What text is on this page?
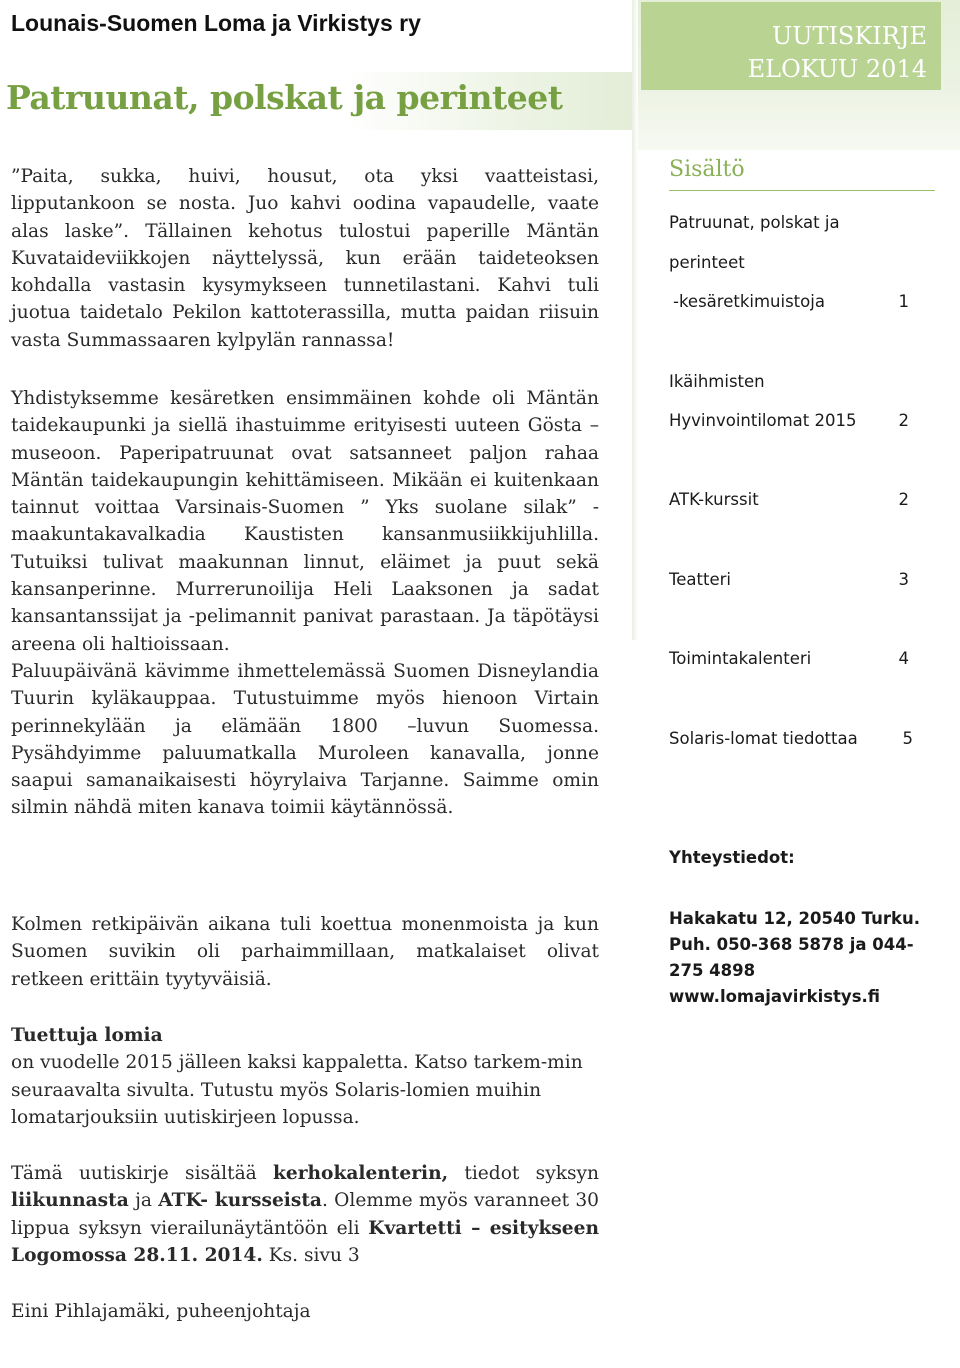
Lounais-Suomen Loma ja Virkistys ry
Patruunat, polskat ja perinteet
UUTISKIRJE
ELOKUU 2014
Sisältö
Patruunat, polskat ja
perinteet
-kesäretkimuistoja	1
Ikäihmisten
Hyvinvointilomat 2015	2
ATK-kurssit	2
Teatteri	3
Toimintakalenteri	4
Solaris-lomat tiedottaa	5
Yhteystiedot:
Hakakatu 12, 20540 Turku.
Puh. 050-368 5878 ja 044-
275 4898
www.lomajavirkistys.fi

”Paita, sukka, huivi, housut, ota yksi vaatteistasi, lipputankoon se nosta. Juo kahvi oodina vapaudelle, vaate alas laske”. Tällainen kehotus tulostui paperille Mäntän Kuvataideviikkojen näyttelyssä, kun erään taideteoksen kohdalla vastasin kysymykseen tunnetilastani. Kahvi tuli juotua taidetalo Pekilon kattoterassilla, mutta paidan riisuin vasta Summassaaren kylpylän rannassa!

Yhdistyksemme kesäretken ensimmäinen kohde oli Mäntän taidekaupunki ja siellä ihastuimme erityisesti uuteen Gösta –museoon. Paperipatruunat ovat satsanneet paljon rahaa Mäntän taidekaupungin kehittämiseen. Mikään ei kuitenkaan tainnut voittaa Varsinais-Suomen ” Yks suolane silak” - maakuntakavalkadia Kaustisten kansanmusiikkijuhlilla. Tutuiksi tulivat maakunnan linnut, eläimet ja puut sekä kansanperinne. Murrerunoilija Heli Laaksonen ja sadat kansantanssijat ja -pelimannit panivat parastaan. Ja täpötäysi areena oli haltioissaan.

Paluupäivänä kävimme ihmettelemässä Suomen Disneylandia Tuurin kyläkauppaa. Tutustuimme myös hienoon Virtain perinnekylään ja elämään 1800 –luvun Suomessa. Pysähdyimme paluumatkalla Muroleen kanavalla, jonne saapui samanaikaisesti höyrylaiva Tarjanne. Saimme omin silmin nähdä miten kanava toimii käytännössä.

Kolmen retkipäivän aikana tuli koettua monenmoista ja kun Suomen suvikin oli parhaimmillaan, matkalaiset olivat retkeen erittäin tyytyväisiä.

Tuettuja lomia

on vuodelle 2015 jälleen kaksi kappaletta. Katso tarkem-min seuraavalta sivulta. Tutustu myös Solaris-lomien muihin lomatarjouksiin uutiskirjeen lopussa.

Tämä uutiskirje sisältää kerhokalenterin, tiedot syksyn liikunnasta ja ATK- kursseista. Olemme myös varanneet 30 lippua syksyn vierailunäytäntöön eli Kvartetti – esitykseen Logomossa 28.11. 2014. Ks. sivu 3

Eini Pihlajamäki, puheenjohtaja
